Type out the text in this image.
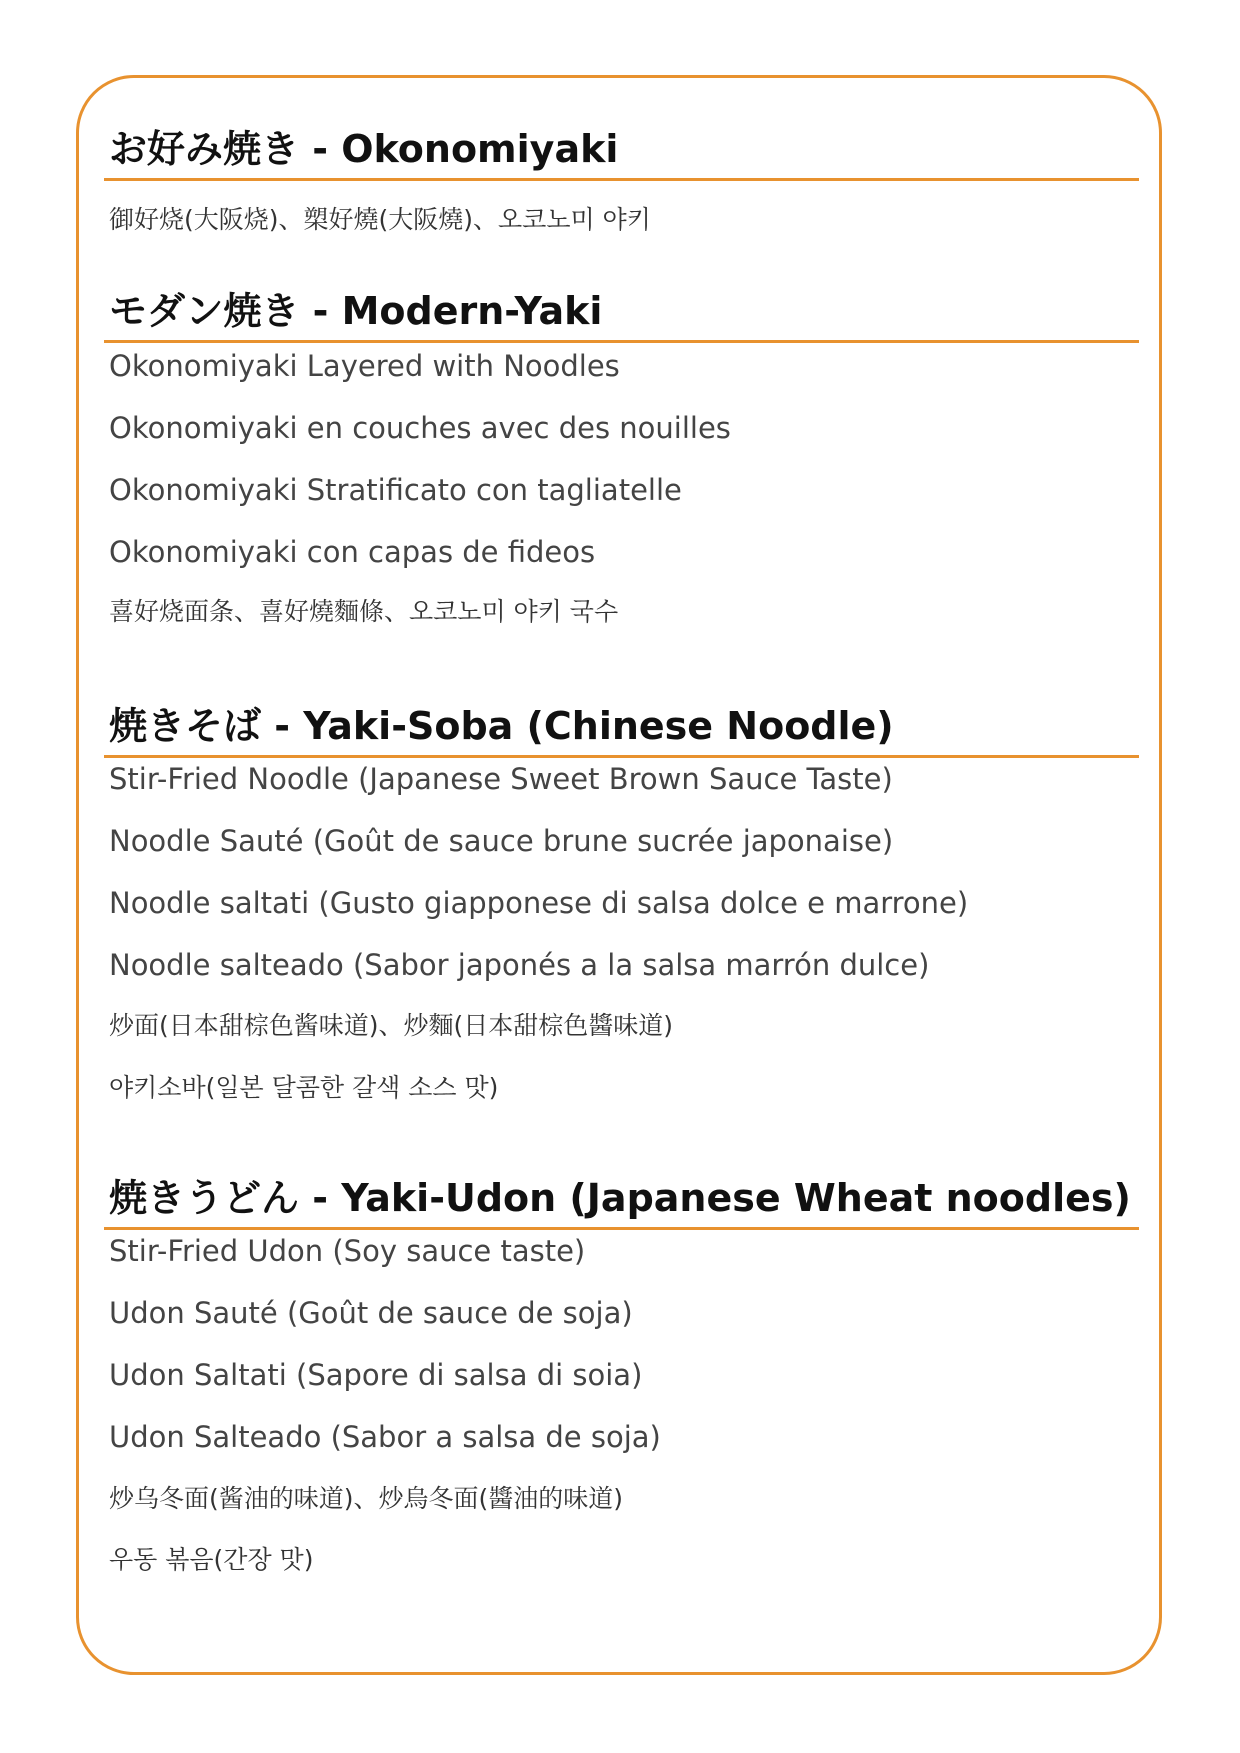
お好み焼き - Okonomiyaki
御好烧(大阪烧)、槊好燒(大阪燒)、오코노미 야키
モダン焼き - Modern-Yaki
Okonomiyaki Layered with Noodles
Okonomiyaki en couches avec des nouilles
Okonomiyaki Stratificato con tagliatelle
Okonomiyaki con capas de fideos
喜好烧面条、喜好燒麵條、오코노미 야키 국수
焼きそば - Yaki-Soba (Chinese Noodle)
Stir-Fried Noodle (Japanese Sweet Brown Sauce Taste)
Noodle Sauté (Goût de sauce brune sucrée japonaise)
Noodle saltati (Gusto giapponese di salsa dolce e marrone)
Noodle salteado (Sabor japonés a la salsa marrón dulce)
炒面(日本甜棕色酱味道)、炒麵(日本甜棕色醬味道)
야키소바(일본 달콤한 갈색 소스 맛)
焼きうどん - Yaki-Udon (Japanese Wheat noodles)
Stir-Fried Udon (Soy sauce taste)
Udon Sauté (Goût de sauce de soja)
Udon Saltati (Sapore di salsa di soia)
Udon Salteado (Sabor a salsa de soja)
炒乌冬面(酱油的味道)、炒烏冬面(醬油的味道)
우동 볶음(간장 맛)
